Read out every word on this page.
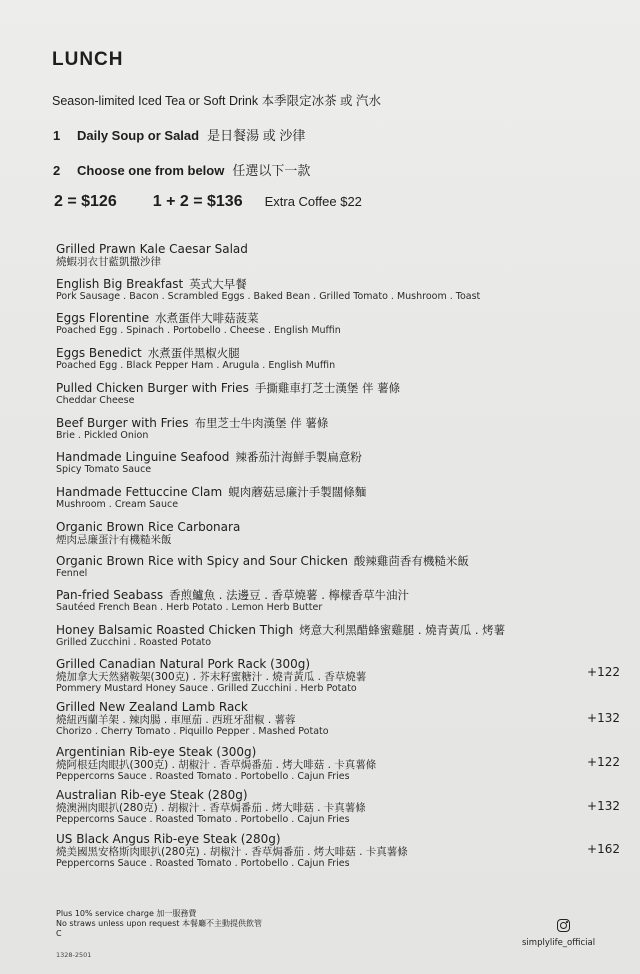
LUNCH
Season-limited Iced Tea or Soft Drink 本季限定冰茶 或 汽水
1 Daily Soup or Salad 是日餐湯 或 沙律
2 Choose one from below 任選以下一款
2 = $126 1 + 2 = $136 Extra Coffee $22
Grilled Prawn Kale Caesar Salad
燒蝦羽衣甘藍凱撒沙律
English Big Breakfast 英式大早餐
Pork Sausage . Bacon . Scrambled Eggs . Baked Bean . Grilled Tomato . Mushroom . Toast
Eggs Florentine 水煮蛋伴大啡菇菠菜
Poached Egg . Spinach . Portobello . Cheese . English Muffin
Eggs Benedict 水煮蛋伴黑椒火腿
Poached Egg . Black Pepper Ham . Arugula . English Muffin
Pulled Chicken Burger with Fries 手撕雞車打芝士漢堡 伴 薯條
Cheddar Cheese
Beef Burger with Fries 布里芝士牛肉漢堡 伴 薯條
Brie . Pickled Onion
Handmade Linguine Seafood 辣番茄汁海鮮手製扁意粉
Spicy Tomato Sauce
Handmade Fettuccine Clam 蜆肉蘑菇忌廉汁手製闊條麵
Mushroom . Cream Sauce
Organic Brown Rice Carbonara
煙肉忌廉蛋汁有機糙米飯
Organic Brown Rice with Spicy and Sour Chicken 酸辣雞茴香有機糙米飯
Fennel
Pan-fried Seabass 香煎鱸魚 . 法邊豆 . 香草燒薯 . 檸檬香草牛油汁
Sautéed French Bean . Herb Potato . Lemon Herb Butter
Honey Balsamic Roasted Chicken Thigh 烤意大利黑醋蜂蜜雞腿 . 燒青黃瓜 . 烤薯
Grilled Zucchini . Roasted Potato
Grilled Canadian Natural Pork Rack (300g)
燒加拿大天然豬鞍架(300克) . 芥末籽蜜糖汁 . 燒青黃瓜 . 香草燒薯
Pommery Mustard Honey Sauce . Grilled Zucchini . Herb Potato
+122
Grilled New Zealand Lamb Rack
燒紐西蘭羊架 . 辣肉腸 . 車厘茄 . 西班牙甜椒 . 薯蓉
Chorizo . Cherry Tomato . Piquillo Pepper . Mashed Potato
+132
Argentinian Rib-eye Steak (300g)
燒阿根廷肉眼扒(300克) . 胡椒汁 . 香草焗番茄 . 烤大啡菇 . 卡真薯條
Peppercorns Sauce . Roasted Tomato . Portobello . Cajun Fries
+122
Australian Rib-eye Steak (280g)
燒澳洲肉眼扒(280克) . 胡椒汁 . 香草焗番茄 . 烤大啡菇 . 卡真薯條
Peppercorns Sauce . Roasted Tomato . Portobello . Cajun Fries
+132
US Black Angus Rib-eye Steak (280g)
燒美國黑安格斯肉眼扒(280克) . 胡椒汁 . 香草焗番茄 . 烤大啡菇 . 卡真薯條
Peppercorns Sauce . Roasted Tomato . Portobello . Cajun Fries
+162
Plus 10% service charge 加一服務費
No straws unless upon request 本餐廳不主動提供飲管
C
1328-2501
simplylife_official
